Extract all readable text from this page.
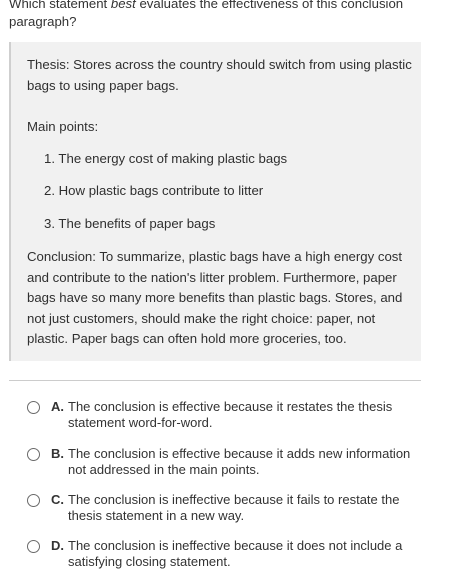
Which statement best evaluates the effectiveness of this conclusion paragraph?
Thesis: Stores across the country should switch from using plastic bags to using paper bags.
Main points:
1. The energy cost of making plastic bags
2. How plastic bags contribute to litter
3. The benefits of paper bags
Conclusion: To summarize, plastic bags have a high energy cost and contribute to the nation's litter problem. Furthermore, paper bags have so many more benefits than plastic bags. Stores, and not just customers, should make the right choice: paper, not plastic. Paper bags can often hold more groceries, too.
A. The conclusion is effective because it restates the thesis statement word-for-word.
B. The conclusion is effective because it adds new information not addressed in the main points.
C. The conclusion is ineffective because it fails to restate the thesis statement in a new way.
D. The conclusion is ineffective because it does not include a satisfying closing statement.
